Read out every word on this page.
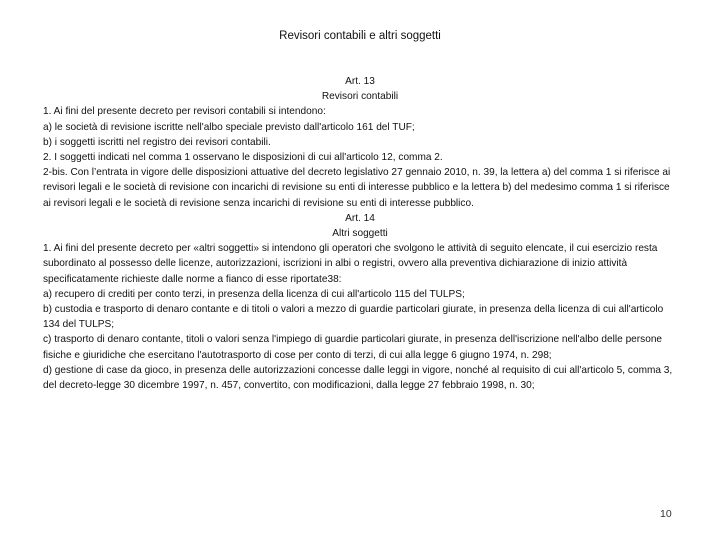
Revisori contabili e altri soggetti
Art. 13
Revisori contabili

1. Ai fini del presente decreto per revisori contabili si intendono:

a) le società di revisione iscritte nell'albo speciale previsto dall'articolo 161 del TUF;

b) i soggetti iscritti nel registro dei revisori contabili.

2. I soggetti indicati nel comma 1 osservano le disposizioni di cui all'articolo 12, comma 2.

2-bis. Con l’entrata in vigore delle disposizioni attuative del decreto legislativo 27 gennaio 2010, n. 39, la lettera a) del comma 1 si riferisce ai revisori legali e le società di revisione con incarichi di revisione su enti di interesse pubblico e la lettera b) del medesimo comma 1 si riferisce ai revisori legali e le società di revisione senza incarichi di revisione su enti di interesse pubblico.

Art. 14
Altri soggetti

1. Ai fini del presente decreto per «altri soggetti» si intendono gli operatori che svolgono le attività di seguito elencate, il cui esercizio resta subordinato al possesso delle licenze, autorizzazioni, iscrizioni in albi o registri, ovvero alla preventiva dichiarazione di inizio attività specificatamente richieste dalle norme a fianco di esse riportate38:

a) recupero di crediti per conto terzi, in presenza della licenza di cui all'articolo 115 del TULPS;

b) custodia e trasporto di denaro contante e di titoli o valori a mezzo di guardie particolari giurate, in presenza della licenza di cui all'articolo 134 del TULPS;

c) trasporto di denaro contante, titoli o valori senza l'impiego di guardie particolari giurate, in presenza dell'iscrizione nell'albo delle persone fisiche e giuridiche che esercitano l'autotrasporto di cose per conto di terzi, di cui alla legge 6 giugno 1974, n. 298;

d) gestione di case da gioco, in presenza delle autorizzazioni concesse dalle leggi in vigore, nonché al requisito di cui all'articolo 5, comma 3, del decreto-legge 30 dicembre 1997, n. 457, convertito, con modificazioni, dalla legge 27 febbraio 1998, n. 30;

10
